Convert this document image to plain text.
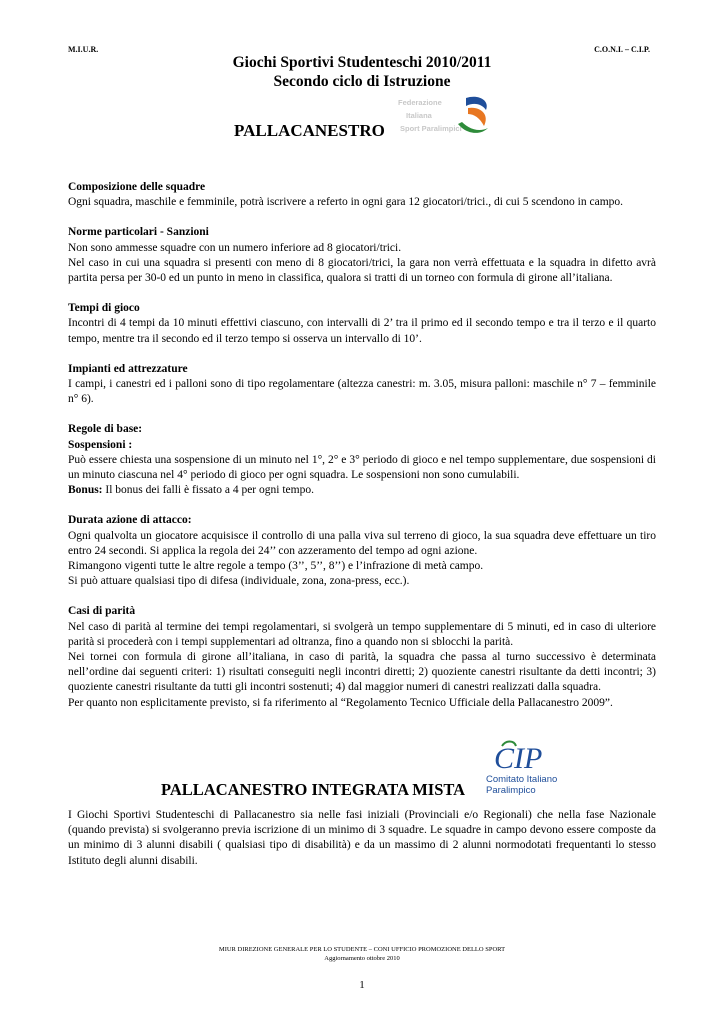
M.I.U.R.	C.O.N.I. – C.I.P.
Giochi Sportivi Studenteschi 2010/2011
Secondo ciclo di Istruzione
PALLACANESTRO
Federazione
Italiana
Sport Paralimpici

Composizione delle squadre

Ogni squadra, maschile e femminile, potrà iscrivere a referto in ogni gara 12 giocatori/trici., di cui 5 scendono in campo.

Norme particolari - Sanzioni

Non sono ammesse squadre con un numero inferiore ad 8 giocatori/trici.

Nel caso in cui una squadra si presenti con meno di 8 giocatori/trici, la gara non verrà effettuata e la squadra in difetto avrà partita persa per 30-0 ed un punto in meno in classifica, qualora si tratti di un torneo con formula di girone all’italiana.

Tempi di gioco

Incontri di 4 tempi da 10 minuti effettivi ciascuno, con intervalli di 2’ tra il primo ed il secondo tempo e tra il terzo e il quarto tempo, mentre tra il secondo ed il terzo tempo si osserva un intervallo di 10’.

Impianti ed attrezzature

I campi, i canestri ed i palloni sono di tipo regolamentare (altezza canestri: m. 3.05, misura palloni: maschile n° 7 – femminile n° 6).

Regole di base:

Sospensioni :

Può essere chiesta una sospensione di un minuto nel 1°, 2° e 3° periodo di gioco e nel tempo supplementare, due sospensioni di un minuto ciascuna nel 4° periodo di gioco per ogni squadra. Le sospensioni non sono cumulabili.

Bonus: Il bonus dei falli è fissato a 4 per ogni tempo.

Durata azione di attacco:

Ogni qualvolta un giocatore acquisisce il controllo di una palla viva sul terreno di gioco, la sua squadra deve effettuare un tiro entro 24 secondi. Si applica la regola dei 24’’ con azzeramento del tempo ad ogni azione.

Rimangono vigenti tutte le altre regole a tempo (3’’, 5’’, 8’’) e l’infrazione di metà campo.

Si può attuare qualsiasi tipo di difesa (individuale, zona, zona-press, ecc.).

Casi di parità

Nel caso di parità al termine dei tempi regolamentari, si svolgerà un tempo supplementare di 5 minuti, ed in caso di ulteriore parità si procederà con i tempi supplementari ad oltranza, fino a quando non si sblocchi la parità.

Nei tornei con formula di girone all’italiana, in caso di parità, la squadra che passa al turno successivo è determinata nell’ordine dai seguenti criteri: 1) risultati conseguiti negli incontri diretti; 2) quoziente canestri risultante da detti incontri; 3) quoziente canestri risultante da tutti gli incontri sostenuti; 4) dal maggior numeri di canestri realizzati dalla squadra.

Per quanto non esplicitamente previsto, si fa riferimento al “Regolamento Tecnico Ufficiale della Pallacanestro 2009”.

CIP
Comitato Italiano
Paralimpico
PALLACANESTRO INTEGRATA MISTA

I Giochi Sportivi Studenteschi di Pallacanestro sia nelle fasi iniziali (Provinciali e/o Regionali) che nella fase Nazionale (quando prevista) si svolgeranno previa iscrizione di un minimo di 3 squadre. Le squadre in campo devono essere composte da un minimo di 3 alunni disabili ( qualsiasi tipo di disabilità) e da un massimo di 2 alunni normodotati frequentanti lo stesso Istituto degli alunni disabili.

MIUR DIREZIONE GENERALE PER LO STUDENTE – CONI UFFICIO PROMOZIONE DELLO SPORT
Aggiornamento ottobre 2010
1
